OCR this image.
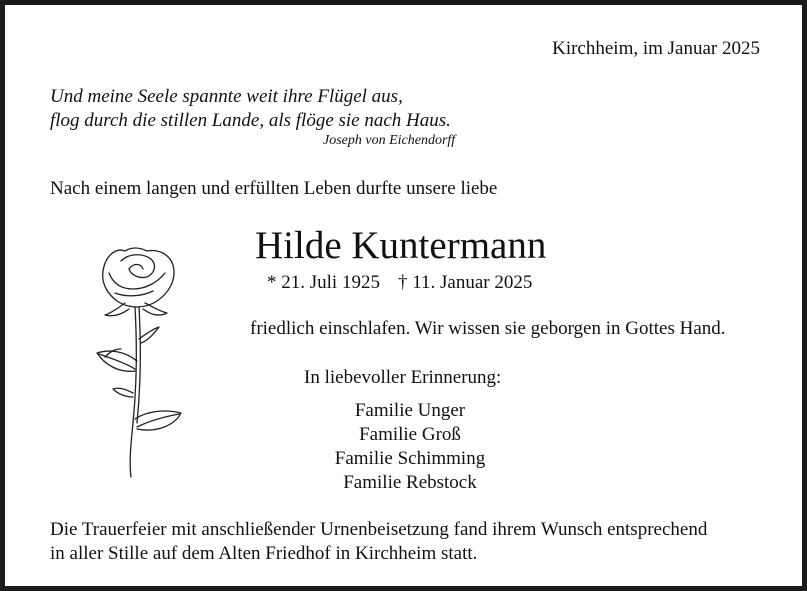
Kirchheim, im Januar 2025
Und meine Seele spannte weit ihre Flügel aus,
flog durch die stillen Lande, als flöge sie nach Haus.
Joseph von Eichendorff
Nach einem langen und erfüllten Leben durfte unsere liebe
Hilde Kuntermann
* 21. Juli 1925 † 11. Januar 2025
friedlich einschlafen. Wir wissen sie geborgen in Gottes Hand.
In liebevoller Erinnerung:
Familie Unger
Familie Groß
Familie Schimming
Familie Rebstock
Die Trauerfeier mit anschließender Urnenbeisetzung fand ihrem Wunsch entsprechend
in aller Stille auf dem Alten Friedhof in Kirchheim statt.
